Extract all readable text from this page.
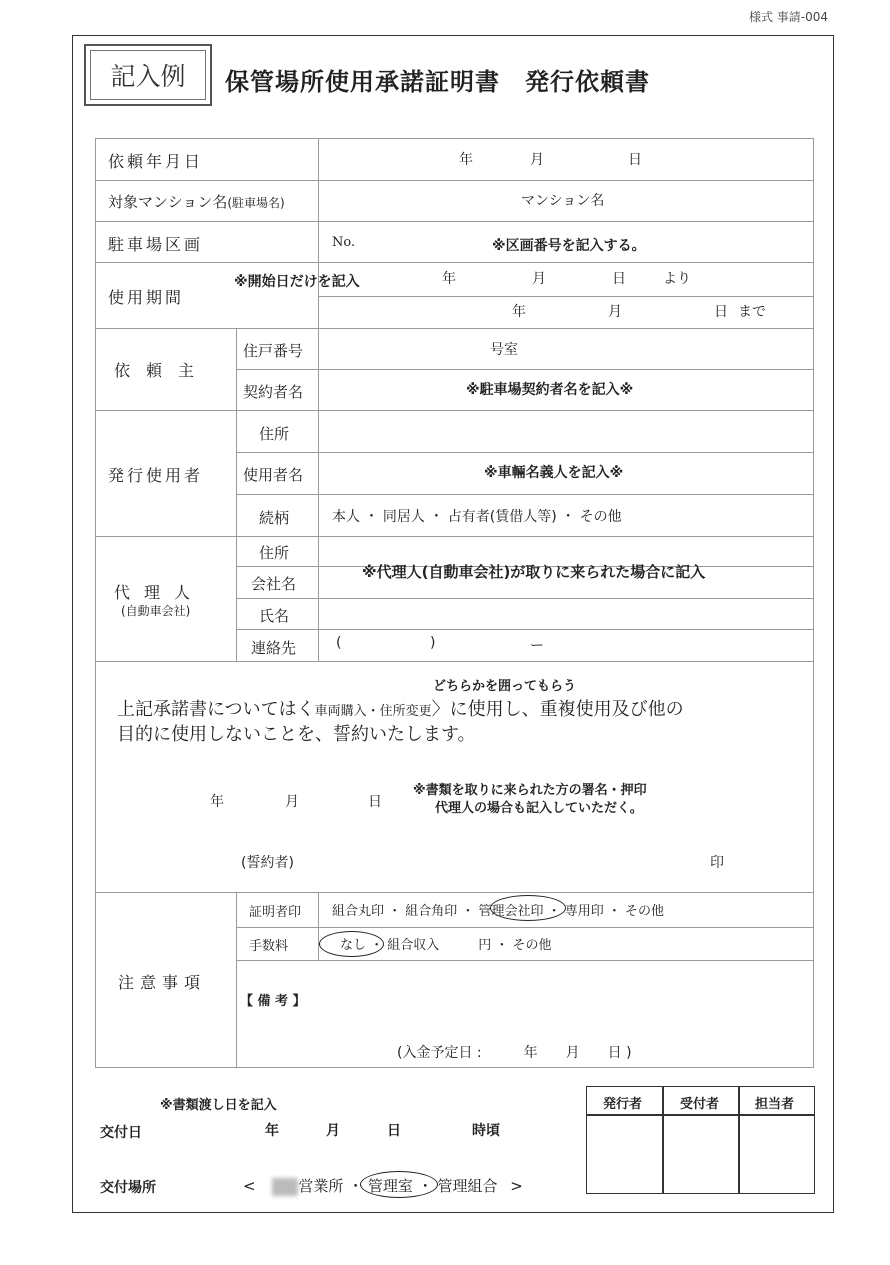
様式 事請-004
記入例	保管場所使用承諾証明書　発行依頼書
依頼年月日	年	月	日
対象マンション名(駐車場名)	マンション名
駐車場区画	No.	※区画番号を記入する。
使用期間
※開始日だけを記入	年	月	日	より
年	月	日 まで
依頼主
住戸番号	号室
契約者名	※駐車場契約者名を記入※
発行使用者
住所
使用者名	※車輛名義人を記入※
続柄	本人 ・ 同居人 ・ 占有者(賃借人等) ・ その他
代理人
(自動車会社)
住所
会社名
氏名
連絡先	(	)	ー
※代理人(自動車会社)が取りに来られた場合に記入
どちらかを囲ってもらう
上記承諾書についてはく車両購入・住所変更〉に使用し、重複使用及び他の
目的に使用しないことを、誓約いたします。
年	月	日
※書類を取りに来られた方の署名・押印
代理人の場合も記入していただく。
(誓約者)	印
注意事項
証明者印 組合丸印 ・ 組合角印 ・ 管理会社印 ・ 専用印 ・ その他
手数料	なし ・ 組合収入　　　円 ・ その他
【 備 考 】
(入金予定日 :　　　年　　月　　日 )
※書類渡し日を記入
交付日	年	月	日	時頃
交付場所	<	営業所 ・ 管理室 ・ 管理組合 >
発行者	受付者	担当者
